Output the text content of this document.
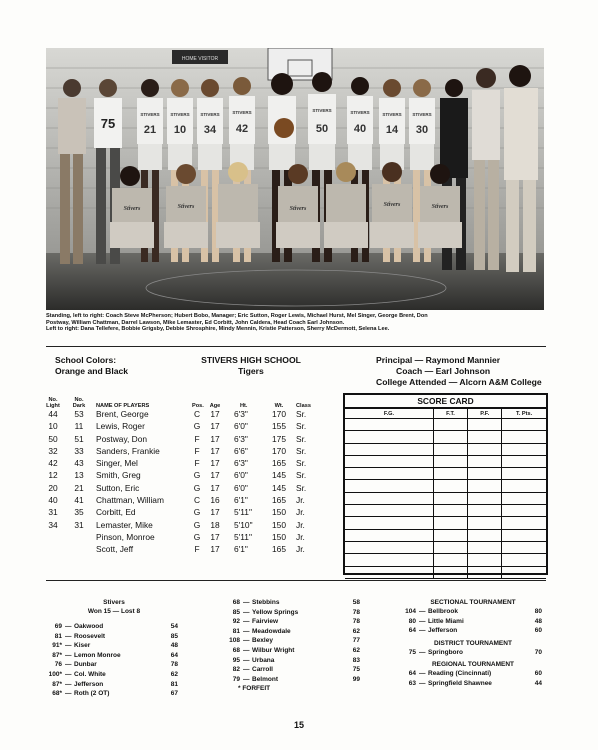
HOME VISITOR
75
STIVERS
21
STIVERS
10
STIVERS
34
STIVERS
42
STIVERS
50
STIVERS
40
STIVERS
14
STIVERS
30
Stivers	Stivers	Stivers
Stivers	Stivers
Standing, left to right: Coach Steve McPherson; Hubert Bobo, Manager; Eric Sutton, Roger Lewis, Michael Hurst, Mel Singer, George Brent, Don
Postway, William Chattman, Darrel Lawson, Mike Lemaster, Ed Corbitt, John Caldera, Head Coach Earl Johnson.
Left to right: Dana Tellefere, Bobbie Grigsby, Debbie Shrosphire, Mindy Mennin, Kristie Patterson, Sherry McDermott, Selena Lee.
School Colors:
Orange and Black
STIVERS HIGH SCHOOL
Tigers
Principal — Raymond Mannier
Coach — Earl Johnson
College Attended — Alcorn A&M College
No. Light
No. Dark	NAME OF PLAYERS	Pos.	Age	Ht.	Wt.	Class
44	53	Brent, George	C 17 6'3"	170	Sr.
10	11	Lewis, Roger	G 17 6'0"	155	Sr.
50	51	Postway, Don	F 17 6'3"	175	Sr.
32	33	Sanders, Frankie	F 17 6'6"	170	Sr.
42	43	Singer, Mel	F 17 6'3"	165	Sr.
12	13	Smith, Greg	G 17 6'0"	145	Sr.
20	21	Sutton, Eric	G 17 6'0"	145	Sr.
40	41	Chattman, William	C 16 6'1"	165	Jr.
31	35	Corbitt, Ed	G 17 5'11"	150	Jr.
34	31	Lemaster, Mike	G 18 5'10"	150	Jr.
Pinson, Monroe	G 17 5'11"	150	Jr.
Scott, Jeff	F 17 6'1"	165	Jr.
SCORE CARD
F.G.	F.T.	P.F.	T. Pts.

Stivers
Won 15 — Lost 8
69 — Oakwood	54
81 — Roosevelt	85
91* — Kiser	48
87* — Lemon Monroe	64
76 — Dunbar	78
100* — Col. White	62
87* — Jefferson	81
68* — Roth (2 OT)	67
68 — Stebbins	58
85 — Yellow Springs	78
92 — Fairview	78
81 — Meadowdale	62
108 — Bexley	77
68 — Wilbur Wright	62
95 — Urbana	83
82 — Carroll	75
79 — Belmont	99
* FORFEIT
SECTIONAL TOURNAMENT
104 — Bellbrook	80
80 — Little Miami	48
64 — Jefferson	60
DISTRICT TOURNAMENT
75 — Springboro	70
REGIONAL TOURNAMENT
64 — Reading (Cincinnati)	60
63 — Springfield Shawnee	44
15
